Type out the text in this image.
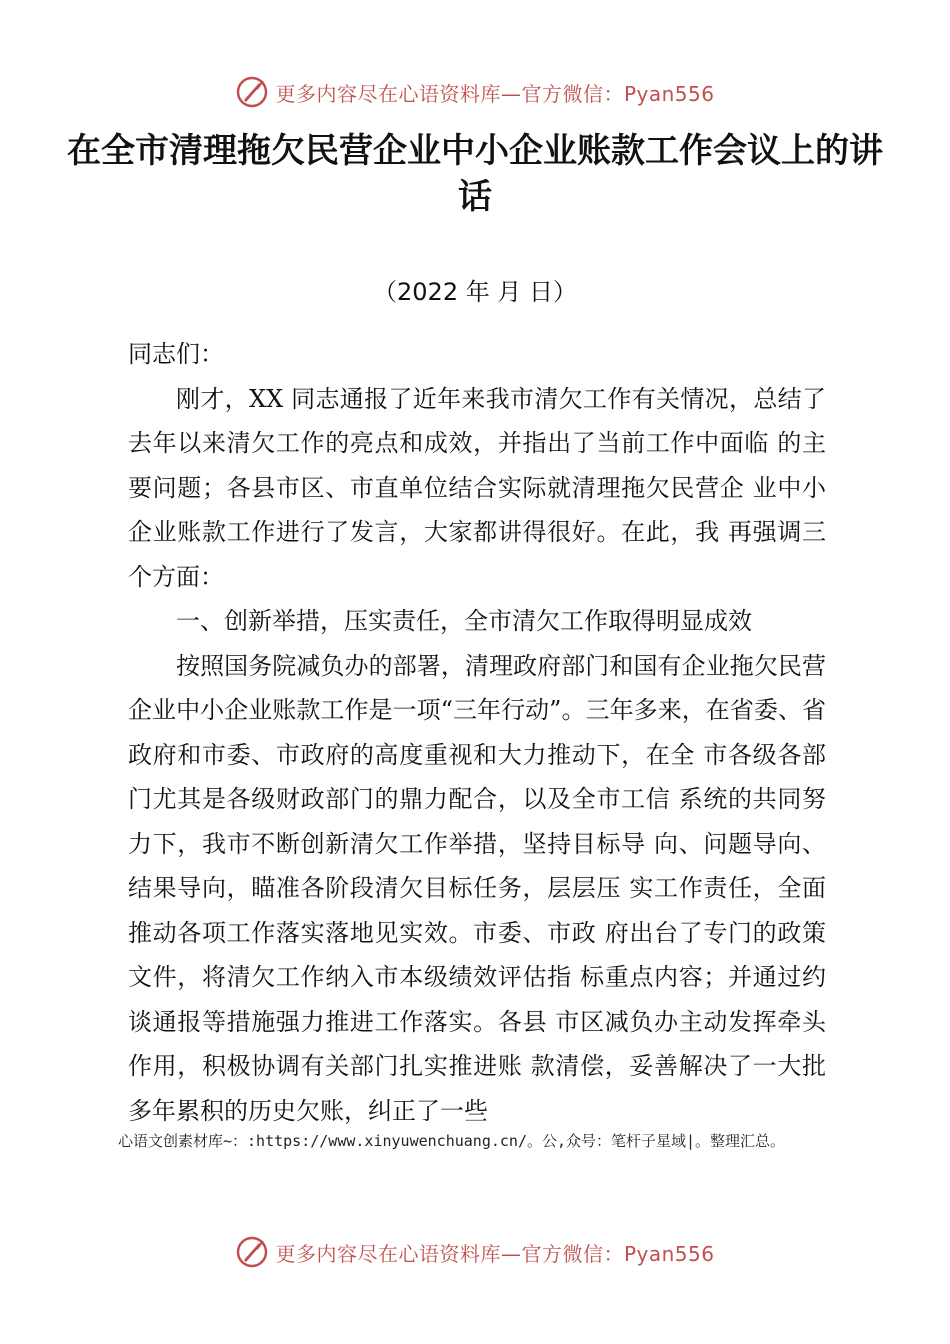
更多内容尽在心语资料库—官方微信：Pyan556
在全市清理拖欠民营企业中小企业账款工作会议上的讲话
（2022 年 月 日）

同志们：

刚才，XX 同志通报了近年来我市清欠工作有关情况，总结了去年以来清欠工作的亮点和成效，并指出了当前工作中面临 的主要问题；各县市区、市直单位结合实际就清理拖欠民营企 业中小企业账款工作进行了发言，大家都讲得很好。在此，我 再强调三个方面：

一、创新举措，压实责任，全市清欠工作取得明显成效

按照国务院减负办的部署，清理政府部门和国有企业拖欠民营企业中小企业账款工作是一项“三年行动”。三年多来，在省委、省政府和市委、市政府的高度重视和大力推动下，在全 市各级各部门尤其是各级财政部门的鼎力配合，以及全市工信 系统的共同努力下，我市不断创新清欠工作举措，坚持目标导 向、问题导向、结果导向，瞄准各阶段清欠目标任务，层层压 实工作责任，全面推动各项工作落实落地见实效。市委、市政 府出台了专门的政策文件，将清欠工作纳入市本级绩效评估指 标重点内容；并通过约谈通报等措施强力推进工作落实。各县 市区减负办主动发挥牵头作用，积极协调有关部门扎实推进账 款清偿，妥善解决了一大批多年累积的历史欠账，纠正了一些

心语文创素材库~：:https://www.xinyuwenchuang.cn/。公,众号：笔杆子星域|。整理汇总。
更多内容尽在心语资料库—官方微信：Pyan556
